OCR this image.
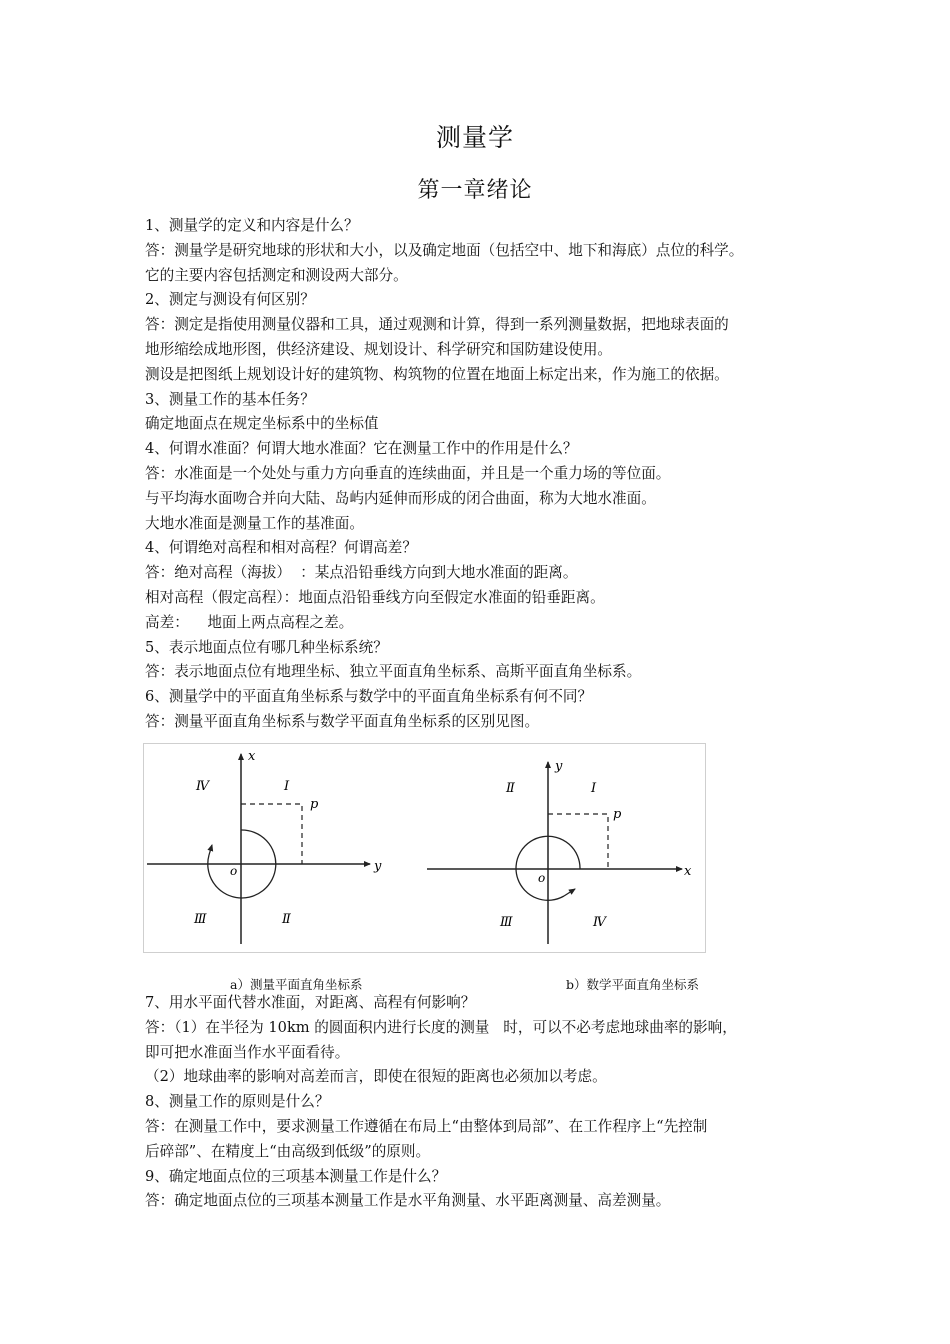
测量学
第一章绪论
1、测量学的定义和内容是什么？
答：测量学是研究地球的形状和大小，以及确定地面（包括空中、地下和海底）点位的科学。
它的主要内容包括测定和测设两大部分。
2、测定与测设有何区别？
答：测定是指使用测量仪器和工具，通过观测和计算，得到一系列测量数据，把地球表面的
地形缩绘成地形图，供经济建设、规划设计、科学研究和国防建设使用。
测设是把图纸上规划设计好的建筑物、构筑物的位置在地面上标定出来，作为施工的依据。
3、测量工作的基本任务？
确定地面点在规定坐标系中的坐标值
4、何谓水准面？何谓大地水准面？它在测量工作中的作用是什么？
答：水准面是一个处处与重力方向垂直的连续曲面，并且是一个重力场的等位面。
与平均海水面吻合并向大陆、岛屿内延伸而形成的闭合曲面，称为大地水准面。
大地水准面是测量工作的基准面。
4、何谓绝对高程和相对高程？何谓高差？
答：绝对高程（海拔）  ：某点沿铅垂线方向到大地水准面的距离。
相对高程（假定高程）：地面点沿铅垂线方向至假定水准面的铅垂距离。
高差：    地面上两点高程之差。
5、表示地面点位有哪几种坐标系统？
答：表示地面点位有地理坐标、独立平面直角坐标系、高斯平面直角坐标系。
6、测量学中的平面直角坐标系与数学中的平面直角坐标系有何不同？
答：测量平面直角坐标系与数学平面直角坐标系的区别见图。
x
y
o
p
Ⅳ	Ⅰ
Ⅲ	Ⅱ
y
x
o
p
Ⅱ	Ⅰ
Ⅲ	Ⅳ
a）测量平面直角坐标系	b）数学平面直角坐标系
7、用水平面代替水准面，对距离、高程有何影响？
答：（1）在半径为 10km 的圆面积内进行长度的测量   时，可以不必考虑地球曲率的影响，
即可把水准面当作水平面看待。
（2）地球曲率的影响对高差而言，即使在很短的距离也必须加以考虑。
8、测量工作的原则是什么？
答：在测量工作中，要求测量工作遵循在布局上“由整体到局部”、在工作程序上“先控制
后碎部”、在精度上“由高级到低级”的原则。
9、确定地面点位的三项基本测量工作是什么？
答：确定地面点位的三项基本测量工作是水平角测量、水平距离测量、高差测量。
